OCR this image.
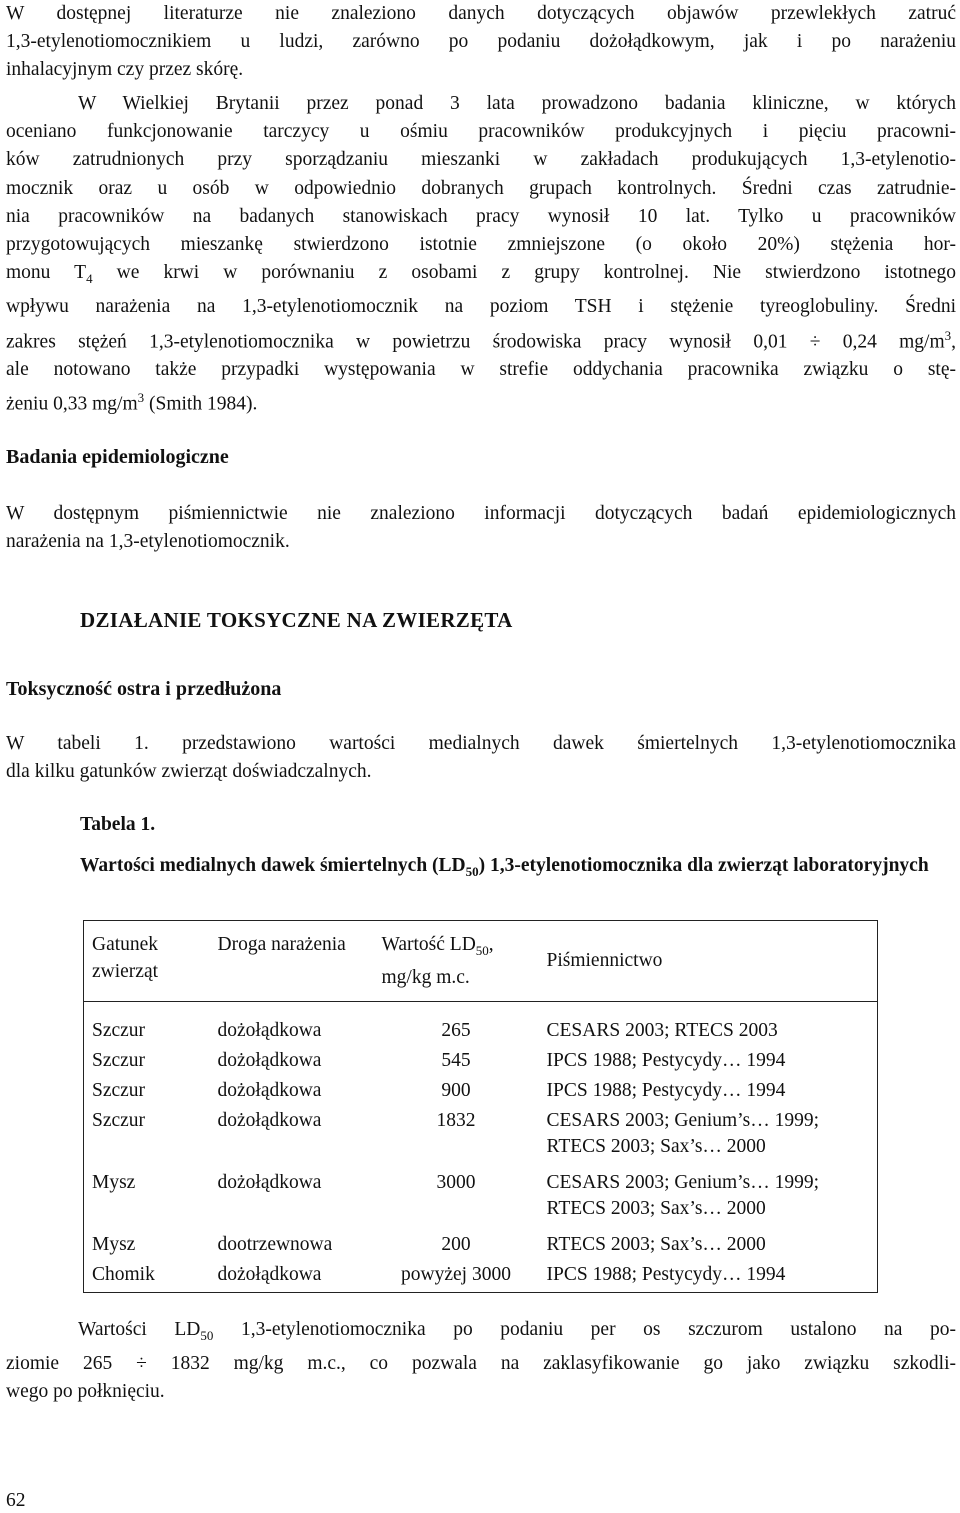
W dostępnej literaturze nie znaleziono danych dotyczących objawów przewlekłych zatruć
1,3-etylenotiomocznikiem u ludzi, zarówno po podaniu dożołądkowym, jak i po narażeniu
inhalacyjnym czy przez skórę.

W Wielkiej Brytanii przez ponad 3 lata prowadzono badania kliniczne, w których
oceniano funkcjonowanie tarczycy u ośmiu pracowników produkcyjnych i pięciu pracowni-
ków zatrudnionych przy sporządzaniu mieszanki w zakładach produkujących 1,3-etylenotio-
mocznik oraz u osób w odpowiednio dobranych grupach kontrolnych. Średni czas zatrudnie-
nia pracowników na badanych stanowiskach pracy wynosił 10 lat. Tylko u pracowników
przygotowujących mieszankę stwierdzono istotnie zmniejszone (o około 20%) stężenia hor-
monu $T_4$ we krwi w porównaniu z osobami z grupy kontrolnej. Nie stwierdzono istotnego
wpływu narażenia na 1,3-etylenotiomocznik na poziom TSH i stężenie tyreoglobuliny. Średni
zakres stężeń 1,3-etylenotiomocznika w powietrzu środowiska pracy wynosił 0,01 ÷ 0,24 $mg/m^3$,
ale notowano także przypadki występowania w strefie oddychania pracownika związku o stę-
żeniu 0,33 $mg/m^3$ (Smith 1984).

Badania epidemiologiczne

W dostępnym piśmiennictwie nie znaleziono informacji dotyczących badań epidemiologicznych
narażenia na 1,3-etylenotiomocznik.

DZIAŁANIE TOKSYCZNE NA ZWIERZĘTA
Toksyczność ostra i przedłużona

W tabeli 1. przedstawiono wartości medialnych dawek śmiertelnych 1,3-etylenotiomocznika
dla kilku gatunków zwierząt doświadczalnych.

Tabela 1.
Wartości medialnych dawek śmiertelnych $(LD_{50})$ 1,3-etylenotiomocznika dla zwierząt laboratoryjnych
Gatunek zwierząt	Droga narażenia	Wartość $LD_{50}$, mg/kg m.c.	Piśmiennictwo
Szczur	dożołądkowa	265	CESARS 2003; RTECS 2003
Szczur	dożołądkowa	545	IPCS 1988; Pestycydy… 1994
Szczur	dożołądkowa	900	IPCS 1988; Pestycydy… 1994
Szczur	dożołądkowa	1832	CESARS 2003; Genium’s… 1999;
RTECS 2003; Sax’s… 2000
Mysz	dożołądkowa	3000	CESARS 2003; Genium’s… 1999;
RTECS 2003; Sax’s… 2000
Mysz	dootrzewnowa	200	RTECS 2003; Sax’s… 2000
Chomik	dożołądkowa	powyżej 3000	IPCS 1988; Pestycydy… 1994

Wartości $LD_{50}$ 1,3-etylenotiomocznika po podaniu per os szczurom ustalono na po-
ziomie 265 ÷ 1832 mg/kg m.c., co pozwala na zaklasyfikowanie go jako związku szkodli-
wego po połknięciu.

62
